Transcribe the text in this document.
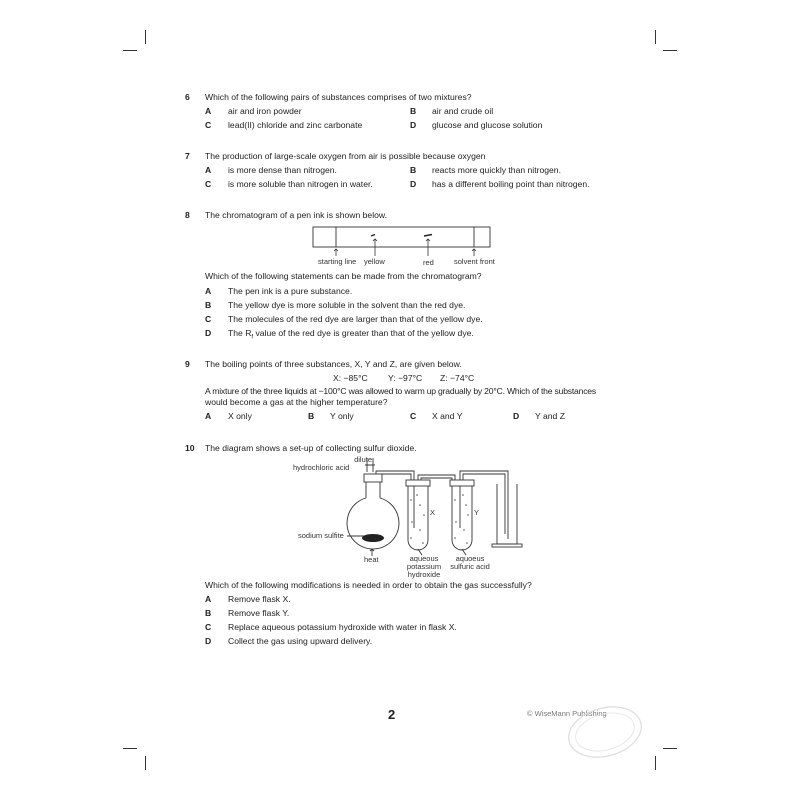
6 Which of the following pairs of substances comprises of two mixtures?
A air and iron powder	B air and crude oil
C lead(II) chloride and zinc carbonate	D glucose and glucose solution
7 The production of large-scale oxygen from air is possible because oxygen
A is more dense than nitrogen.	B reacts more quickly than nitrogen.
C is more soluble than nitrogen in water.	D has a different boiling point than nitrogen.
8 The chromatogram of a pen ink is shown below.
starting line yellow	red	solvent front
Which of the following statements can be made from the chromatogram?
A The pen ink is a pure substance.
B The yellow dye is more soluble in the solvent than the red dye.
C The molecules of the red dye are larger than that of the yellow dye.
D The $R_f$ value of the red dye is greater than that of the yellow dye.
9 The boiling points of three substances, X, Y and Z, are given below.
X: −85°C Y: −97°C Z: −74°C
A mixture of the three liquids at −100°C was allowed to warm up gradually by 20°C. Which of the substances
would become a gas at the higher temperature?
A X only	B Y only	C X and Y	D Y and Z
10 The diagram shows a set-up of collecting sulfur dioxide.
dilute
hydrochloric acid
sodium sulfite
heat
X	Y
aqueous
potassium
hydroxide
aquoeus
sulfuric acid
Which of the following modifications is needed in order to obtain the gas successfully?
A Remove flask X.
B Remove flask Y.
C Replace aqueous potassium hydroxide with water in flask X.
D Collect the gas using upward delivery.
2	© WiseMann Publishing
